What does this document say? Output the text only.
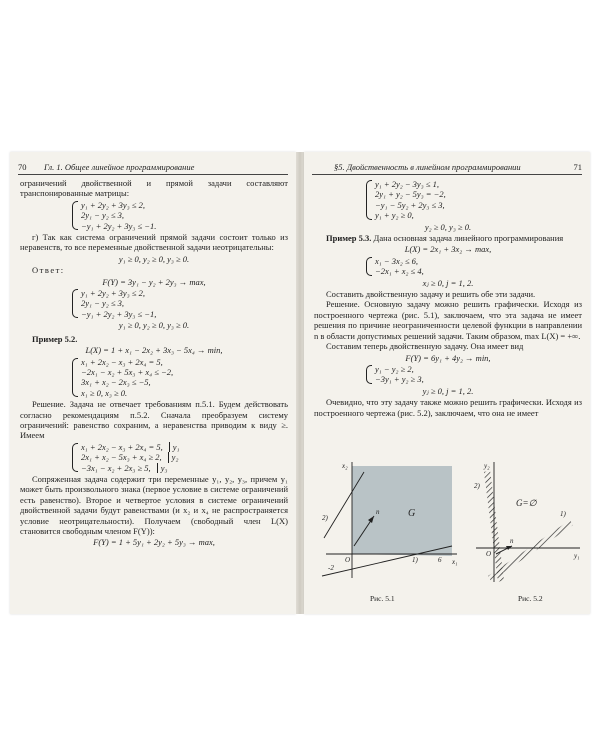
70 Гл. 1. Общее линейное программирование

ограничений двойственной и прямой задачи составляют транспонированные матрицы:

y₁ + 2y₂ + 3y₃ ≤ 2,
2y₁ − y₂ ≤ 3,
−y₁ + 2y₂ + 3y₃ ≤ −1.

г) Так как система ограничений прямой задачи состоит только из неравенств, то все переменные двойственной задачи неотрицательны:

y₁ ≥ 0, y₂ ≥ 0, y₃ ≥ 0.

Ответ:

F(Y) = 3y₁ − y₂ + 2y₃ → max,
y₁ + 2y₂ + 3y₃ ≤ 2,
2y₁ − y₂ ≤ 3,
−y₁ + 2y₂ + 3y₃ ≤ −1,
y₁ ≥ 0, y₂ ≥ 0, y₃ ≥ 0.

Пример 5.2.

L(X) = 1 + x₁ − 2x₂ + 3x₃ − 5x₄ → min,
x₁ + 2x₂ − x₃ + 2x₄ = 5,
−2x₁ − x₂ + 5x₃ + x₄ ≤ −2,
3x₁ + x₂ − 2x₃ ≤ −5,
x₁ ≥ 0, x₃ ≥ 0.

Решение. Задача не отвечает требованиям п.5.1. Будем действовать согласно рекомендациям п.5.2. Сначала преобразуем систему ограничений: равенство сохраним, а неравенства приводим к виду ≥. Имеем

x₁ + 2x₂ − x₃ + 2x₄ = 5, y₁
2x₁ + x₂ − 5x₃ + x₄ ≥ 2, y₂
−3x₁ − x₂ + 2x₃ ≥ 5, y₃

Сопряженная задача содержит три переменные y₁, y₂, y₃, причем y₁ может быть произвольного знака (первое условие в системе ограничений есть равенство). Второе и четвертое условия в системе ограничений двойственной задачи будут равенствами (и x₂ и x₄ не распространяется условие неотрицательности). Получаем (свободный член L(X) становится свободным членом F(Y)):

F(Y) = 1 + 5y₁ + 2y₂ + 5y₃ → max,
§5. Двойственность в линейном программировании	71
y₁ + 2y₂ − 3y₃ ≤ 1,
2y₁ + y₂ − 5y₃ = −2,
−y₁ − 5y₂ + 2y₃ ≤ 3,
y₁ + y₂ ≥ 0,
y₂ ≥ 0, y₃ ≥ 0.

Пример 5.3. Дана основная задача линейного программирования

L(X) = 2x₁ + 3x₂ → max,
x₁ − 3x₂ ≤ 6,
−2x₁ + x₂ ≤ 4,
xⱼ ≥ 0, j = 1, 2.

Составить двойственную задачу и решить обе эти задачи.

Решение. Основную задачу можно решить графически. Исходя из построенного чертежа (рис. 5.1), заключаем, что эта задача не имеет решения по причине неограниченности целевой функции в направлении n в области допустимых решений задачи. Таким образом, max L(X) = +∞.

Составим теперь двойственную задачу. Она имеет вид

F(Y) = 6y₁ + 4y₂ → min,
y₁ − y₂ ≥ 2,
−3y₁ + y₂ ≥ 3,
yⱼ ≥ 0, j = 1, 2.

Очевидно, что эту задачу также можно решить графически. Исходя из построенного чертежа (рис. 5.2), заключаем, что она не имеет

x₂
x₁
G
n
O	1)
2)
-2
6
Рис. 5.1
y₂
y₁
G=∅
n
O
1)
2)
Рис. 5.2
